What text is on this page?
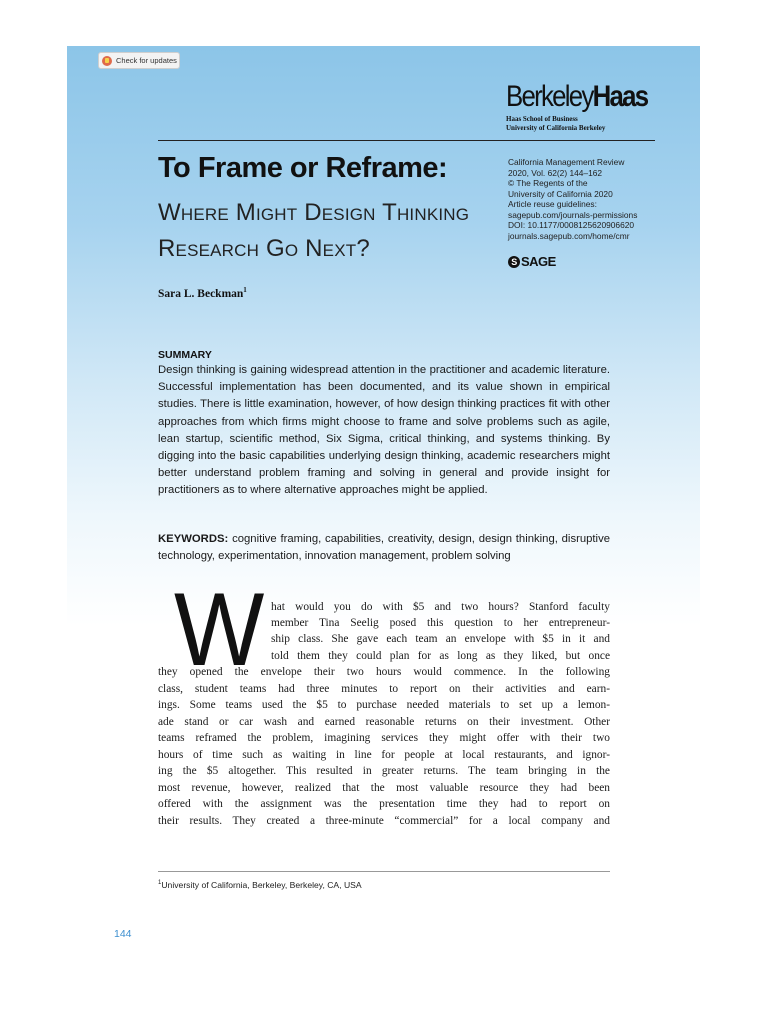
Check for updates
BerkeleyHaas
Haas School of Business
University of California Berkeley
To Frame or Reframe:
Where Might Design Thinking
Research Go Next?
California Management Review
2020, Vol. 62(2) 144–162
© The Regents of the
University of California 2020
Article reuse guidelines:
sagepub.com/journals-permissions
DOI: 10.1177/0008125620906620
journals.sagepub.com/home/cmr
S SAGE
Sara L. Beckman$^1$
SUMMARY
Design thinking is gaining widespread attention in the practitioner and academic literature. Successful implementation has been documented, and its value shown in empirical studies. There is little examination, however, of how design thinking practices fit with other approaches from which firms might choose to frame and solve problems such as agile, lean startup, scientific method, Six Sigma, critical thinking, and systems thinking. By digging into the basic capabilities underlying design thinking, academic researchers might better understand problem framing and solving in general and provide insight for practitioners as to where alternative approaches might be applied.
KEYWORDS: cognitive framing, capabilities, creativity, design, design thinking, disruptive technology, experimentation, innovation management, problem solving
W hat would you do with $5 and two hours? Stanford faculty
member Tina Seelig posed this question to her entrepreneur-
ship class. She gave each team an envelope with $5 in it and
told them they could plan for as long as they liked, but once
they opened the envelope their two hours would commence. In the following
class, student teams had three minutes to report on their activities and earn-
ings. Some teams used the $5 to purchase needed materials to set up a lemon-
ade stand or car wash and earned reasonable returns on their investment. Other
teams reframed the problem, imagining services they might offer with their two
hours of time such as waiting in line for people at local restaurants, and ignor-
ing the $5 altogether. This resulted in greater returns. The team bringing in the
most revenue, however, realized that the most valuable resource they had been
offered with the assignment was the presentation time they had to report on
their results. They created a three-minute “commercial” for a local company and
$^1$University of California, Berkeley, Berkeley, CA, USA
144
